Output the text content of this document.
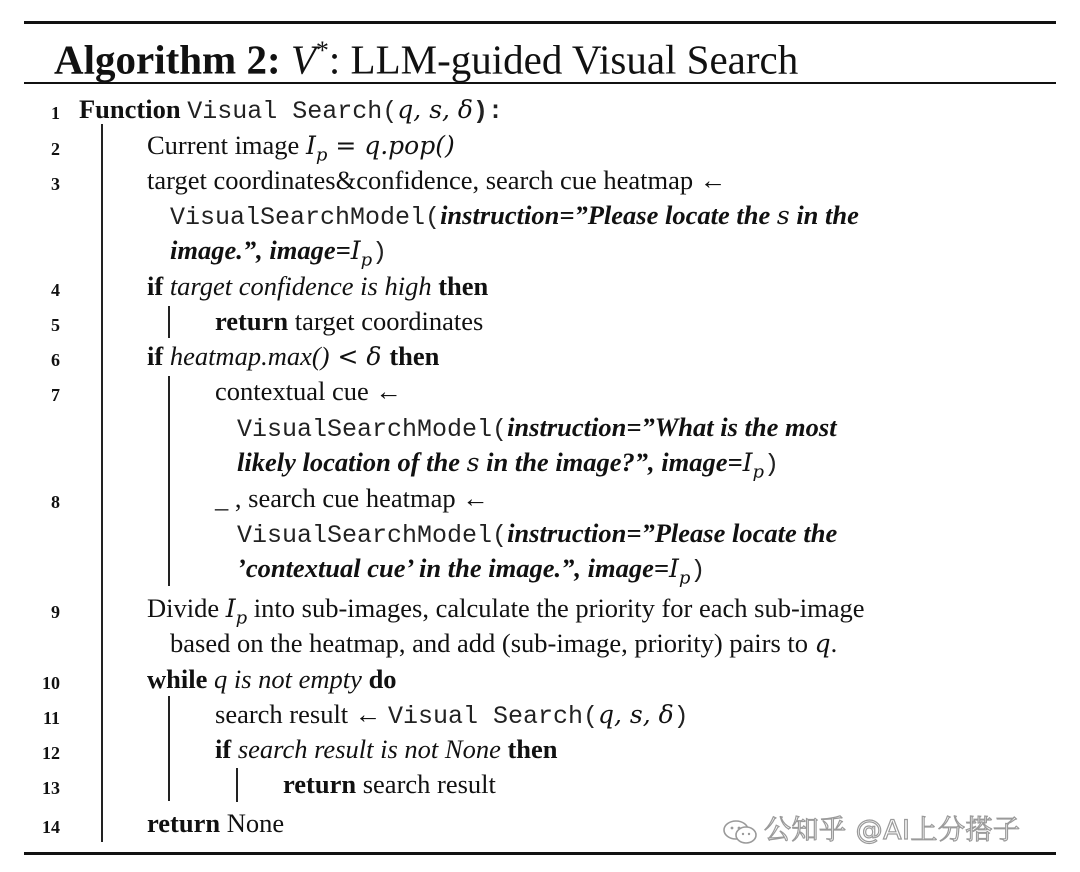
Algorithm 2: V*: LLM-guided Visual Search
1 Function Visual Search(q, s, δ):
2	Current image $I_p = q.pop()$
3	target coordinates&confidence, search cue heatmap ←
VisualSearchModel(instruction=”Please locate the s in the
image.”, $image=I_p$)
4	if target confidence is high then
5	return target coordinates
6	if heatmap.max() < δ then
7	contextual cue ←
VisualSearchModel(instruction=”What is the most
likely location of the s in the image?”, $image=I_p$)
8	_ , search cue heatmap ←
VisualSearchModel(instruction=”Please locate the
’contextual cue’ in the image.”, $image=I_p$)
9	Divide $I_p$ into sub-images, calculate the priority for each sub-image
based on the heatmap, and add (sub-image, priority) pairs to q.
10	while q is not empty do
11	search result ← Visual Search(q, s, δ)
12	if search result is not None then
13	return search result
14	return None	公知乎 @AI上分搭子
